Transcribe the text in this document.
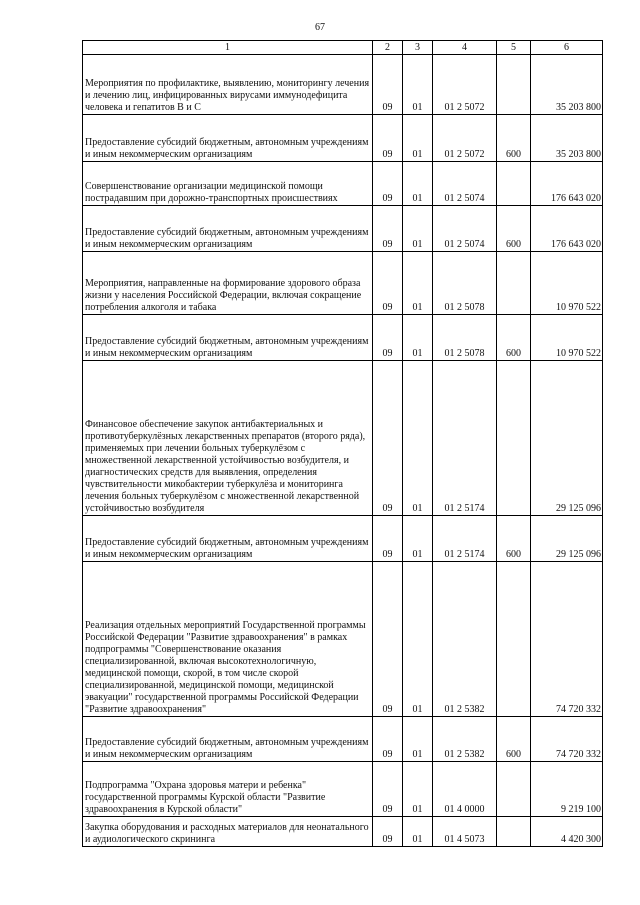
67
1	2	3	4	5	6
Мероприятия по профилактике, выявлению, мониторингу лечения и лечению лиц, инфицированных вирусами иммунодефицита человека и гепатитов В и С	09	01	01 2 5072		35 203 800
Предоставление субсидий бюджетным, автономным учреждениям и иным некоммерческим организациям	09	01	01 2 5072	600	35 203 800
Совершенствование организации медицинской помощи пострадавшим при дорожно-транспортных происшествиях	09	01	01 2 5074		176 643 020
Предоставление субсидий бюджетным, автономным учреждениям и иным некоммерческим организациям	09	01	01 2 5074	600	176 643 020
Мероприятия, направленные на формирование здорового образа жизни у населения Российской Федерации, включая сокращение потребления алкоголя и табака	09	01	01 2 5078		10 970 522
Предоставление субсидий бюджетным, автономным учреждениям и иным некоммерческим организациям	09	01	01 2 5078	600	10 970 522
Финансовое обеспечение закупок антибактериальных и противотуберкулёзных лекарственных препаратов (второго ряда), применяемых при лечении больных туберкулёзом с множественной лекарственной устойчивостью возбудителя, и диагностических средств для выявления, определения чувствительности микобактерии туберкулёза и мониторинга лечения больных туберкулёзом с множественной лекарственной устойчивостью возбудителя	09	01	01 2 5174		29 125 096
Предоставление субсидий бюджетным, автономным учреждениям и иным некоммерческим организациям	09	01	01 2 5174	600	29 125 096
Реализация отдельных мероприятий Государственной программы Российской Федерации "Развитие здравоохранения" в рамках подпрограммы "Совершенствование оказания специализированной, включая высокотехнологичную, медицинской помощи, скорой, в том числе скорой специализированной, медицинской помощи, медицинской эвакуации" государственной программы Российской Федерации "Развитие здравоохранения"	09	01	01 2 5382		74 720 332
Предоставление субсидий бюджетным, автономным учреждениям и иным некоммерческим организациям	09	01	01 2 5382	600	74 720 332
Подпрограмма "Охрана здоровья матери и ребенка" государственной программы Курской области "Развитие здравоохранения в Курской области"	09	01	01 4 0000		9 219 100
Закупка оборудования и расходных материалов для неонатального и аудиологического скрининга	09	01	01 4 5073		4 420 300
